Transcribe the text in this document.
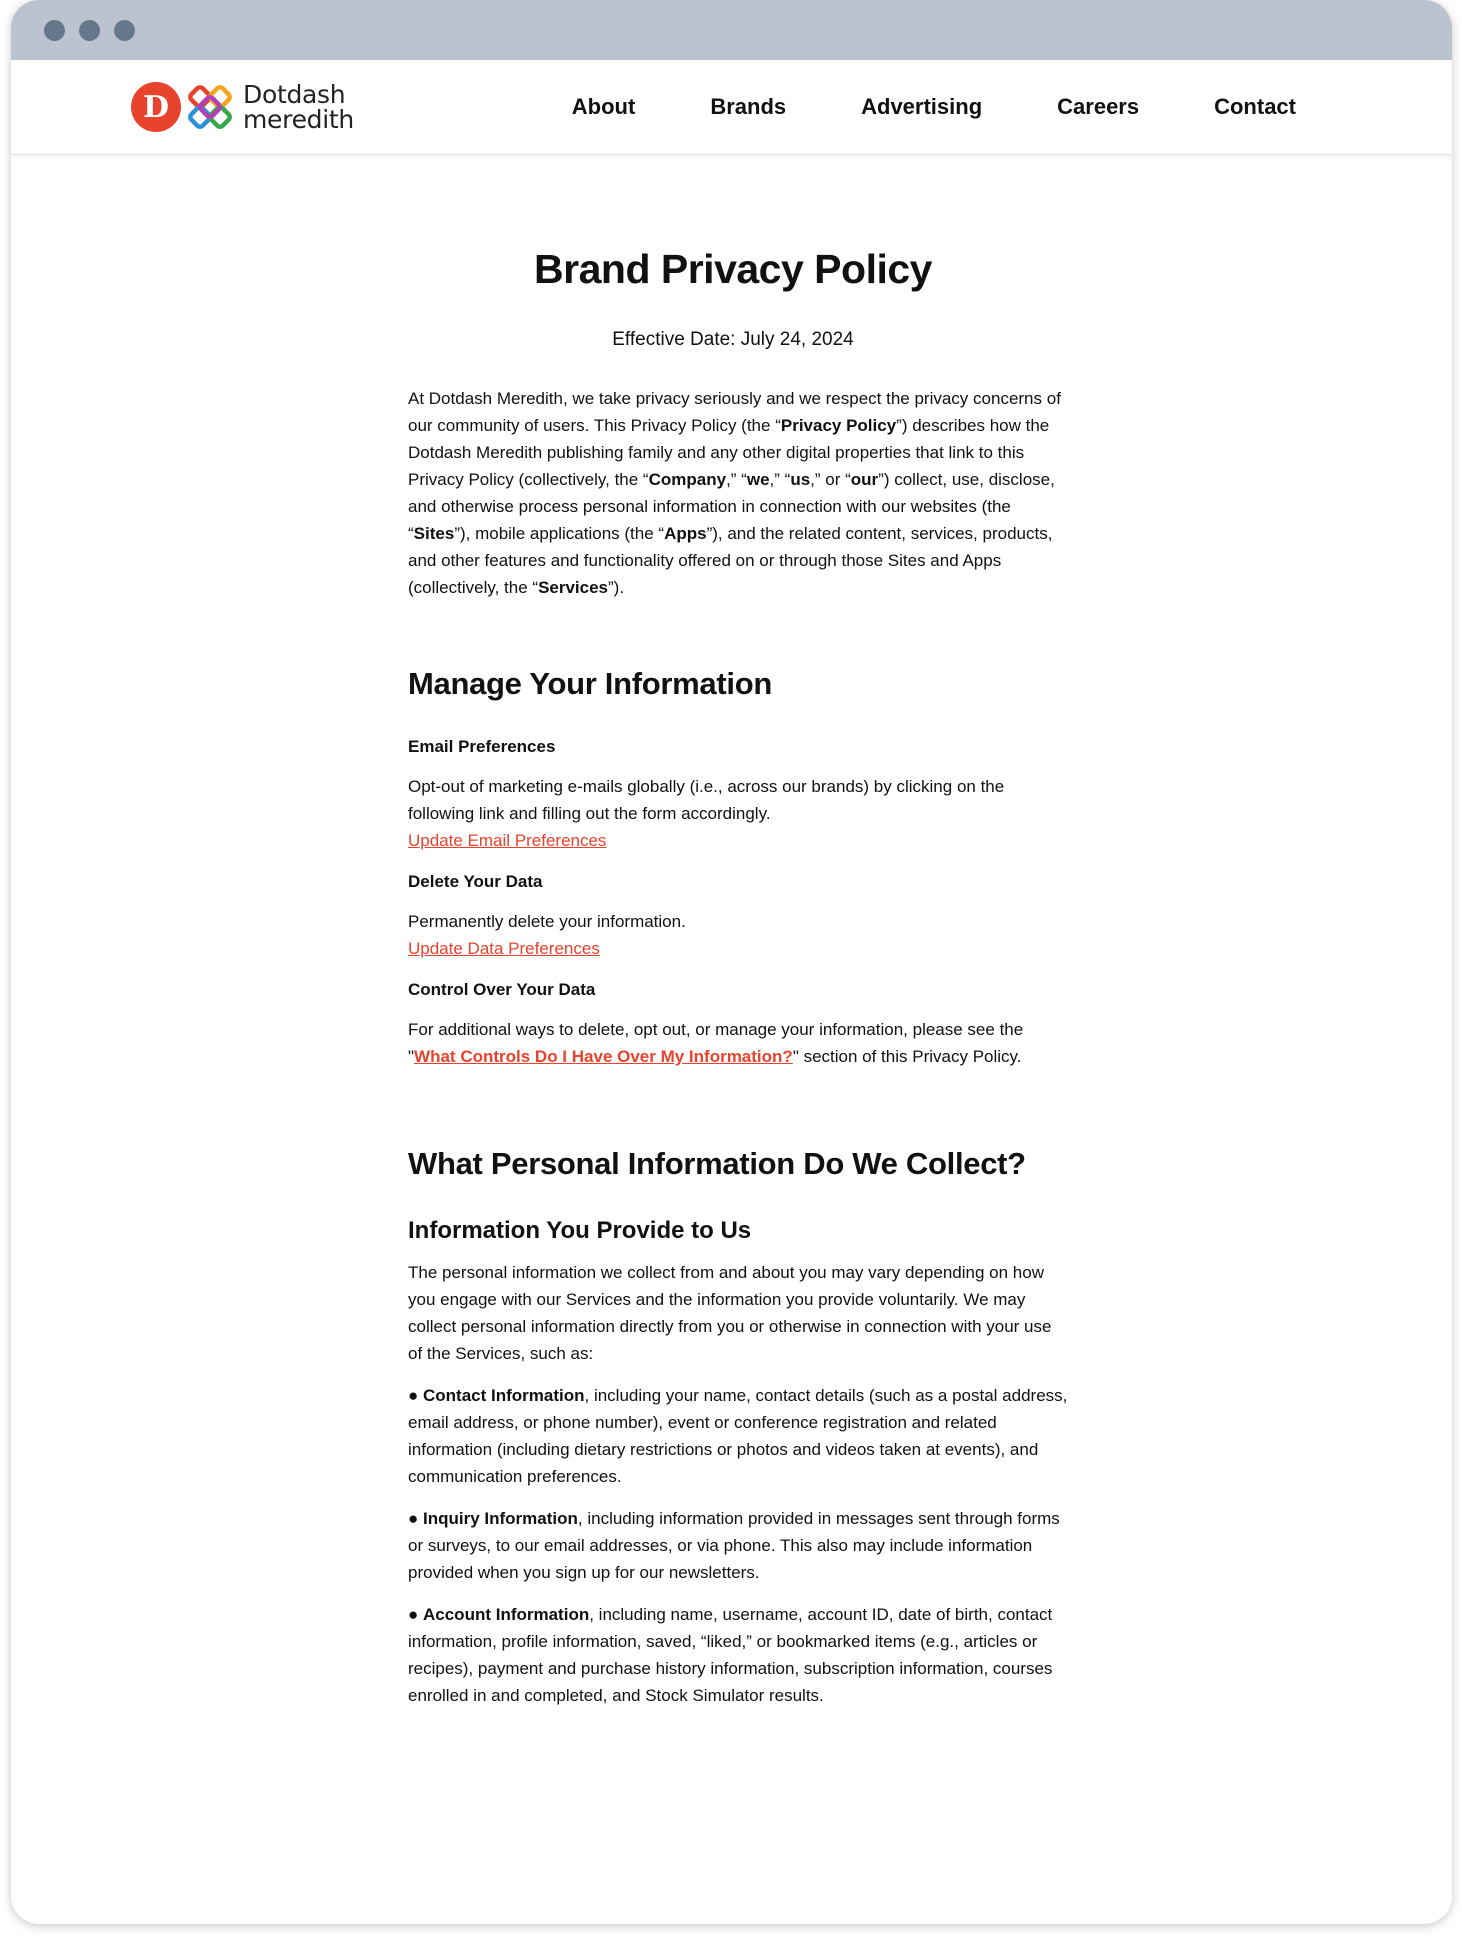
D	Dotdash
meredith	About	Brands	Advertising	Careers	Contact
Brand Privacy Policy
Effective Date: July 24, 2024

At Dotdash Meredith, we take privacy seriously and we respect the privacy concerns of our community of users. This Privacy Policy (the “Privacy Policy”) describes how the Dotdash Meredith publishing family and any other digital properties that link to this Privacy Policy (collectively, the “Company,” “we,” “us,” or “our”) collect, use, disclose, and otherwise process personal information in connection with our websites (the “Sites”), mobile applications (the “Apps”), and the related content, services, products, and other features and functionality offered on or through those Sites and Apps (collectively, the “Services”).

Manage Your Information
Email Preferences

Opt-out of marketing e-mails globally (i.e., across our brands) by clicking on the following link and filling out the form accordingly.

Update Email Preferences

Delete Your Data

Permanently delete your information.

Update Data Preferences

Control Over Your Data

For additional ways to delete, opt out, or manage your information, please see the "What Controls Do I Have Over My Information?" section of this Privacy Policy.

What Personal Information Do We Collect?
Information You Provide to Us

The personal information we collect from and about you may vary depending on how you engage with our Services and the information you provide voluntarily. We may collect personal information directly from you or otherwise in connection with your use of the Services, such as:

● Contact Information, including your name, contact details (such as a postal address, email address, or phone number), event or conference registration and related information (including dietary restrictions or photos and videos taken at events), and communication preferences.

● Inquiry Information, including information provided in messages sent through forms or surveys, to our email addresses, or via phone. This also may include information provided when you sign up for our newsletters.

● Account Information, including name, username, account ID, date of birth, contact information, profile information, saved, “liked,” or bookmarked items (e.g., articles or recipes), payment and purchase history information, subscription information, courses enrolled in and completed, and Stock Simulator results.
